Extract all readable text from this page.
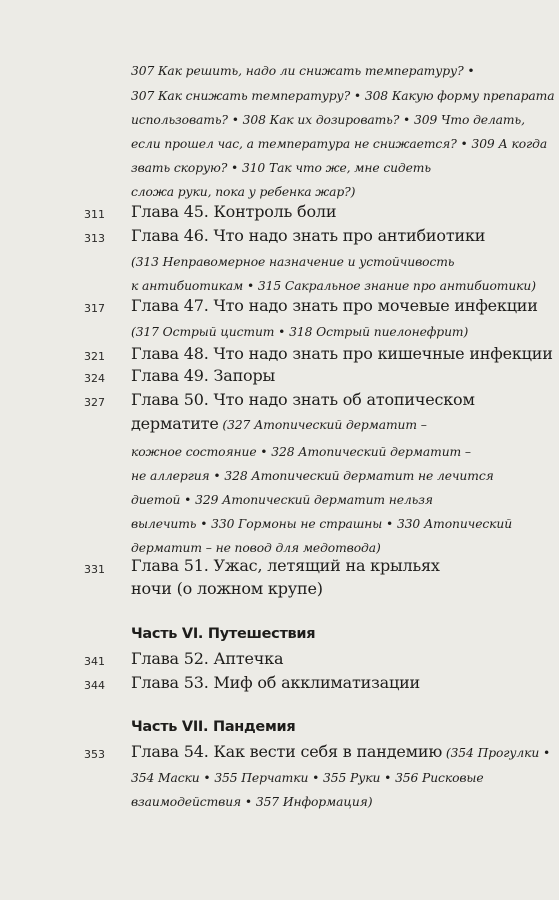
307 Как решить, надо ли снижать температуру? •
307 Как снижать температуру? • 308 Какую форму препарата
использовать? • 308 Как их дозировать? • 309 Что делать,
если прошел час, а температура не снижается? • 309 А когда
звать скорую? • 310 Так что же, мне сидеть
сложа руки, пока у ребенка жар?)
311 Глава 45. Контроль боли
313 Глава 46. Что надо знать про антибиотики
(313 Неправомерное назначение и устойчивость
к антибиотикам • 315 Сакральное знание про антибиотики)
317 Глава 47. Что надо знать про мочевые инфекции
(317 Острый цистит • 318 Острый пиелонефрит)
321 Глава 48. Что надо знать про кишечные инфекции
324 Глава 49. Запоры
327 Глава 50. Что надо знать об атопическом
дерматите (327 Атопический дерматит –
кожное состояние • 328 Атопический дерматит –
не аллергия • 328 Атопический дерматит не лечится
диетой • 329 Атопический дерматит нельзя
вылечить • 330 Гормоны не страшны • 330 Атопический
дерматит – не повод для медотвода)
331 Глава 51. Ужас, летящий на крыльях
ночи (о ложном крупе)
Часть VI. Путешествия
341 Глава 52. Аптечка
344 Глава 53. Миф об акклиматизации
Часть VII. Пандемия
353 Глава 54. Как вести себя в пандемию (354 Прогулки •
354 Маски • 355 Перчатки • 355 Руки • 356 Рисковые
взаимодействия • 357 Информация)
